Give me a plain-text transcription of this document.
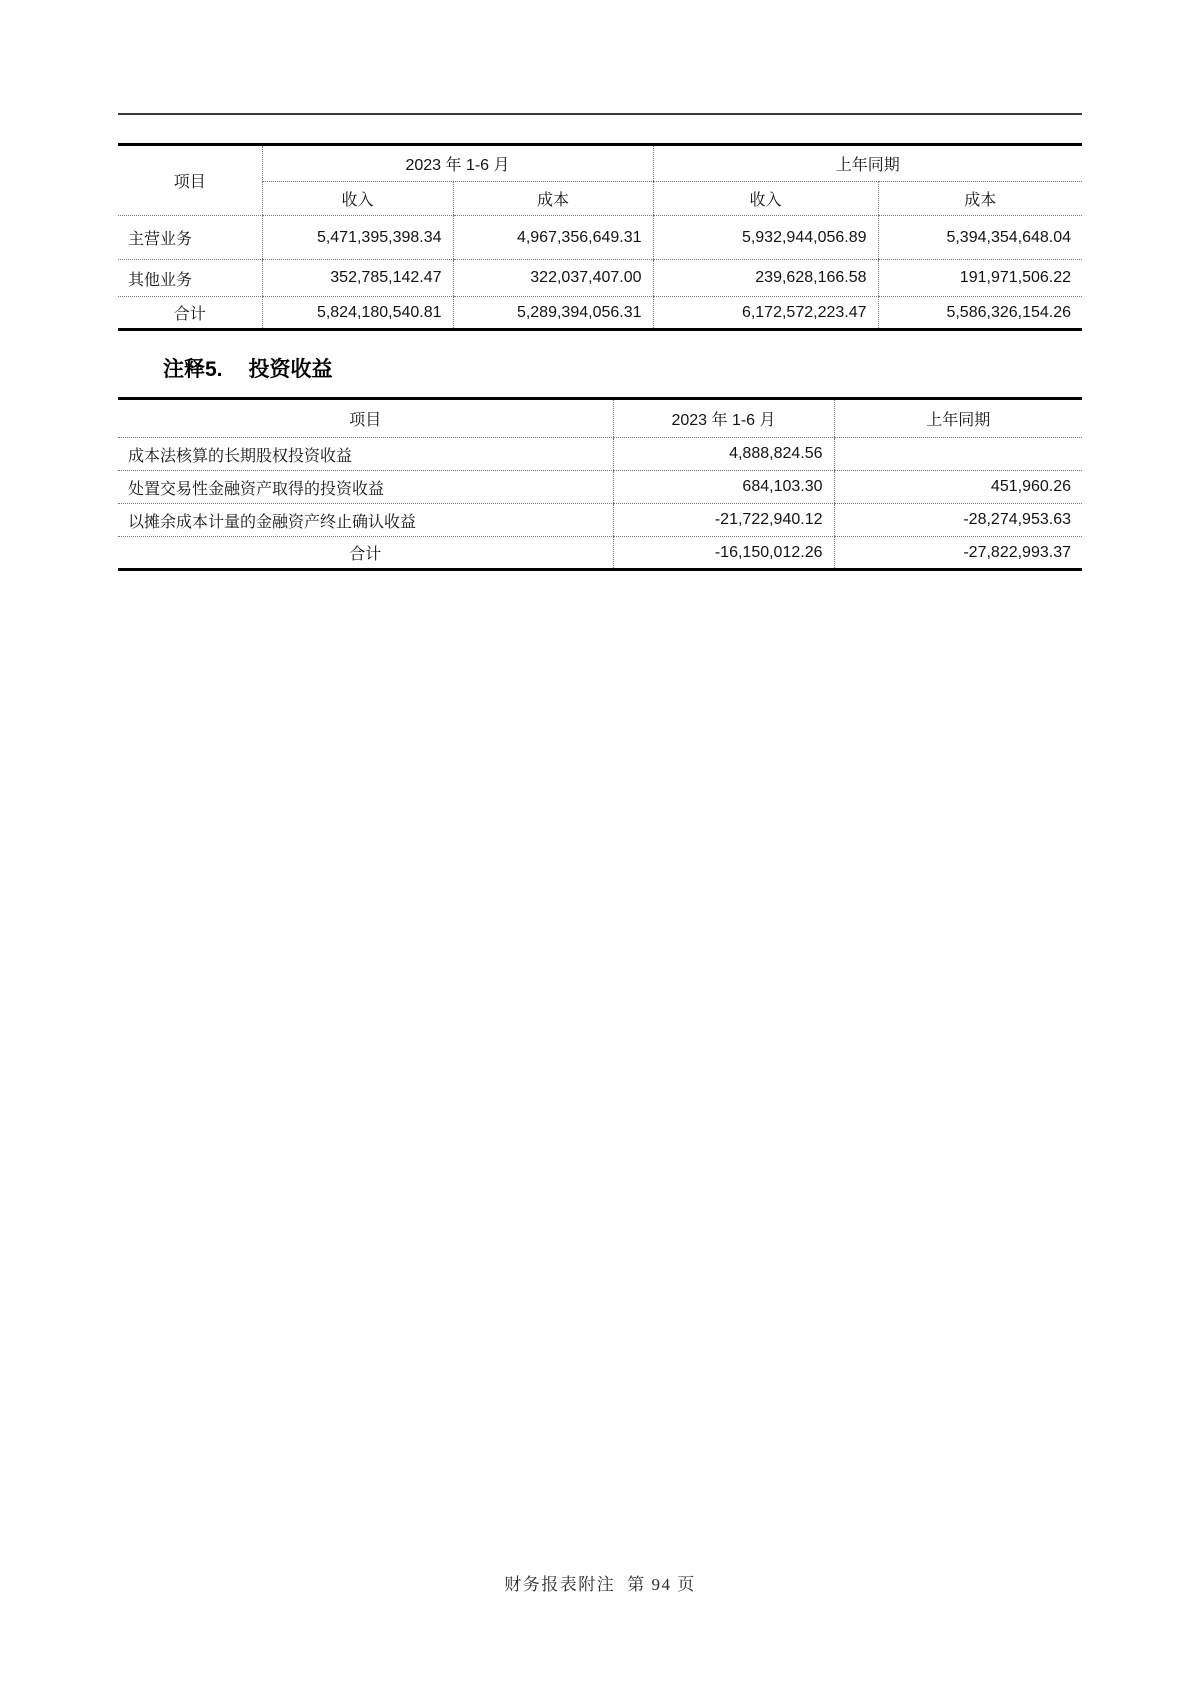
项目	2023 年 1-6 月		上年同期	
	收入	成本	收入	成本
主营业务	5,471,395,398.34	4,967,356,649.31	5,932,944,056.89	5,394,354,648.04
其他业务	352,785,142.47	322,037,407.00	239,628,166.58	191,971,506.22
合计	5,824,180,540.81	5,289,394,056.31	6,172,572,223.47	5,586,326,154.26
注释5. 投资收益
项目	2023 年 1-6 月	上年同期
成本法核算的长期股权投资收益	4,888,824.56	
处置交易性金融资产取得的投资收益	684,103.30	451,960.26
以摊余成本计量的金融资产终止确认收益	-21,722,940.12	-28,274,953.63
合计	-16,150,012.26	-27,822,993.37
财务报表附注 第 94 页
